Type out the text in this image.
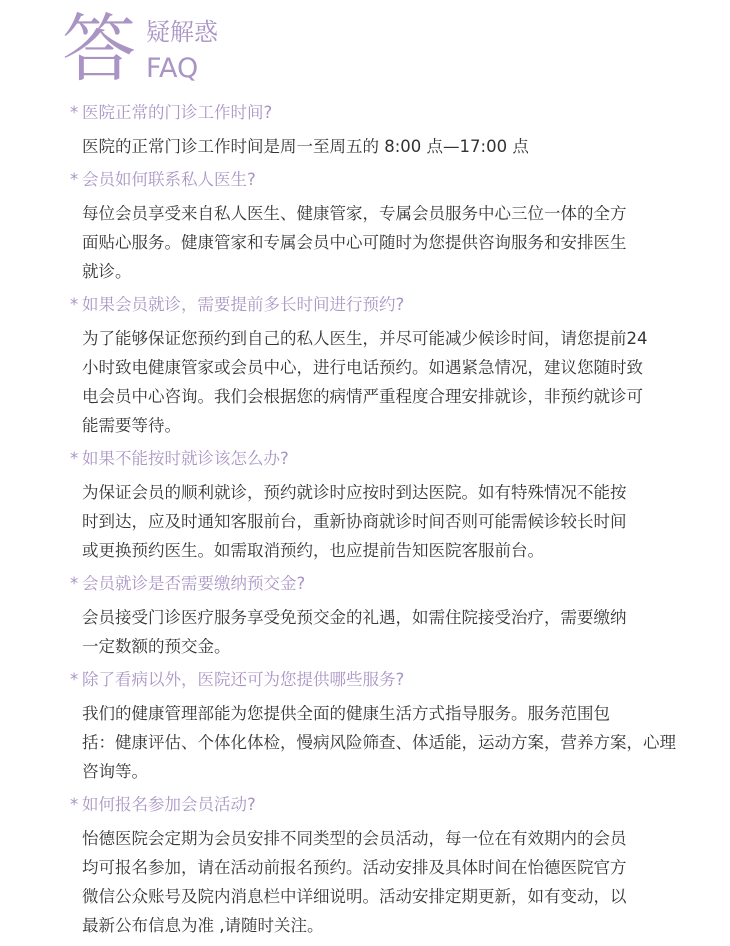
答 疑解惑
FAQ

* 医院正常的门诊工作时间?

医院的正常门诊工作时间是周一至周五的 8:00 点—17:00 点

* 会员如何联系私人医生?

每位会员享受来自私人医生、健康管家，专属会员服务中心三位一体的全方
面贴心服务。健康管家和专属会员中心可随时为您提供咨询服务和安排医生
就诊。

* 如果会员就诊，需要提前多长时间进行预约?

为了能够保证您预约到自己的私人医生，并尽可能减少候诊时间，请您提前24
小时致电健康管家或会员中心，进行电话预约。如遇紧急情况，建议您随时致
电会员中心咨询。我们会根据您的病情严重程度合理安排就诊，非预约就诊可
能需要等待。

* 如果不能按时就诊该怎么办?

为保证会员的顺利就诊，预约就诊时应按时到达医院。如有特殊情况不能按
时到达，应及时通知客服前台，重新协商就诊时间否则可能需候诊较长时间
或更换预约医生。如需取消预约，也应提前告知医院客服前台。

* 会员就诊是否需要缴纳预交金?

会员接受门诊医疗服务享受免预交金的礼遇，如需住院接受治疗，需要缴纳
一定数额的预交金。

* 除了看病以外，医院还可为您提供哪些服务?

我们的健康管理部能为您提供全面的健康生活方式指导服务。服务范围包
括：健康评估、个体化体检，慢病风险筛查、体适能，运动方案，营养方案，心理
咨询等。

* 如何报名参加会员活动?

怡德医院会定期为会员安排不同类型的会员活动，每一位在有效期内的会员
均可报名参加，请在活动前报名预约。活动安排及具体时间在怡德医院官方
微信公众账号及院内消息栏中详细说明。活动安排定期更新，如有变动，以
最新公布信息为准 ,请随时关注。
